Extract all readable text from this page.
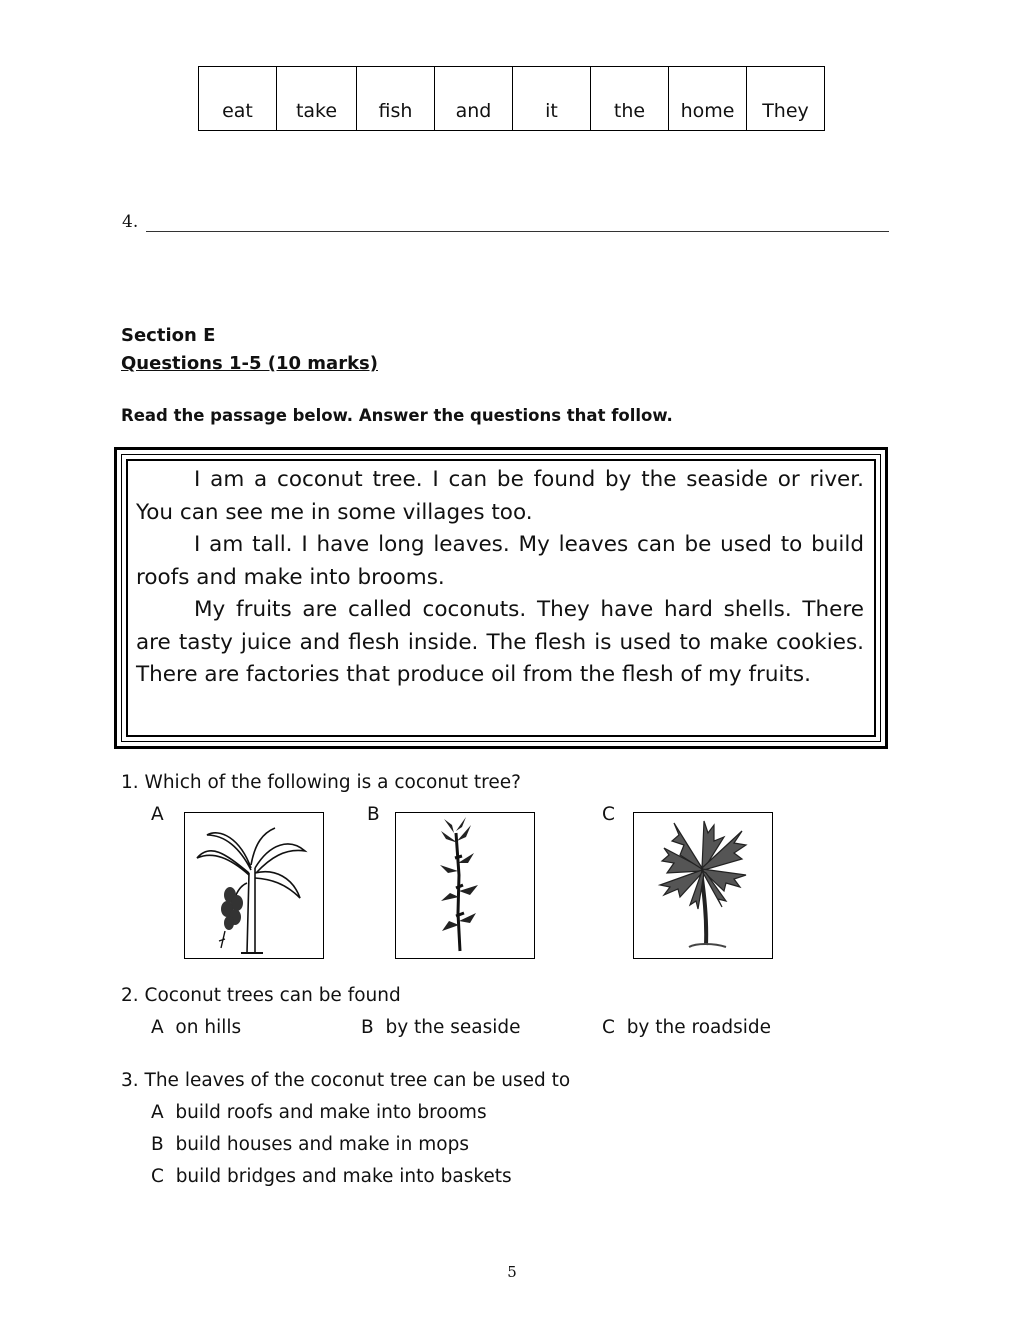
eat	take	fish	and	it	the	home	They
4.
Section E
Questions 1-5 (10 marks)
Read the passage below. Answer the questions that follow.

I am a coconut tree. I can be found by the seaside or river. You can see me in some villages too.

I am tall. I have long leaves. My leaves can be used to build roofs and make into brooms.

My fruits are called coconuts. They have hard shells. There are tasty juice and flesh inside. The flesh is used to make cookies. There are factories that produce oil from the flesh of my fruits.

1. Which of the following is a coconut tree?
A	B	C
2. Coconut trees can be found
A on hills	B by the seaside	C by the roadside
3. The leaves of the coconut tree can be used to
A build roofs and make into brooms
B build houses and make in mops
C build bridges and make into baskets
5
